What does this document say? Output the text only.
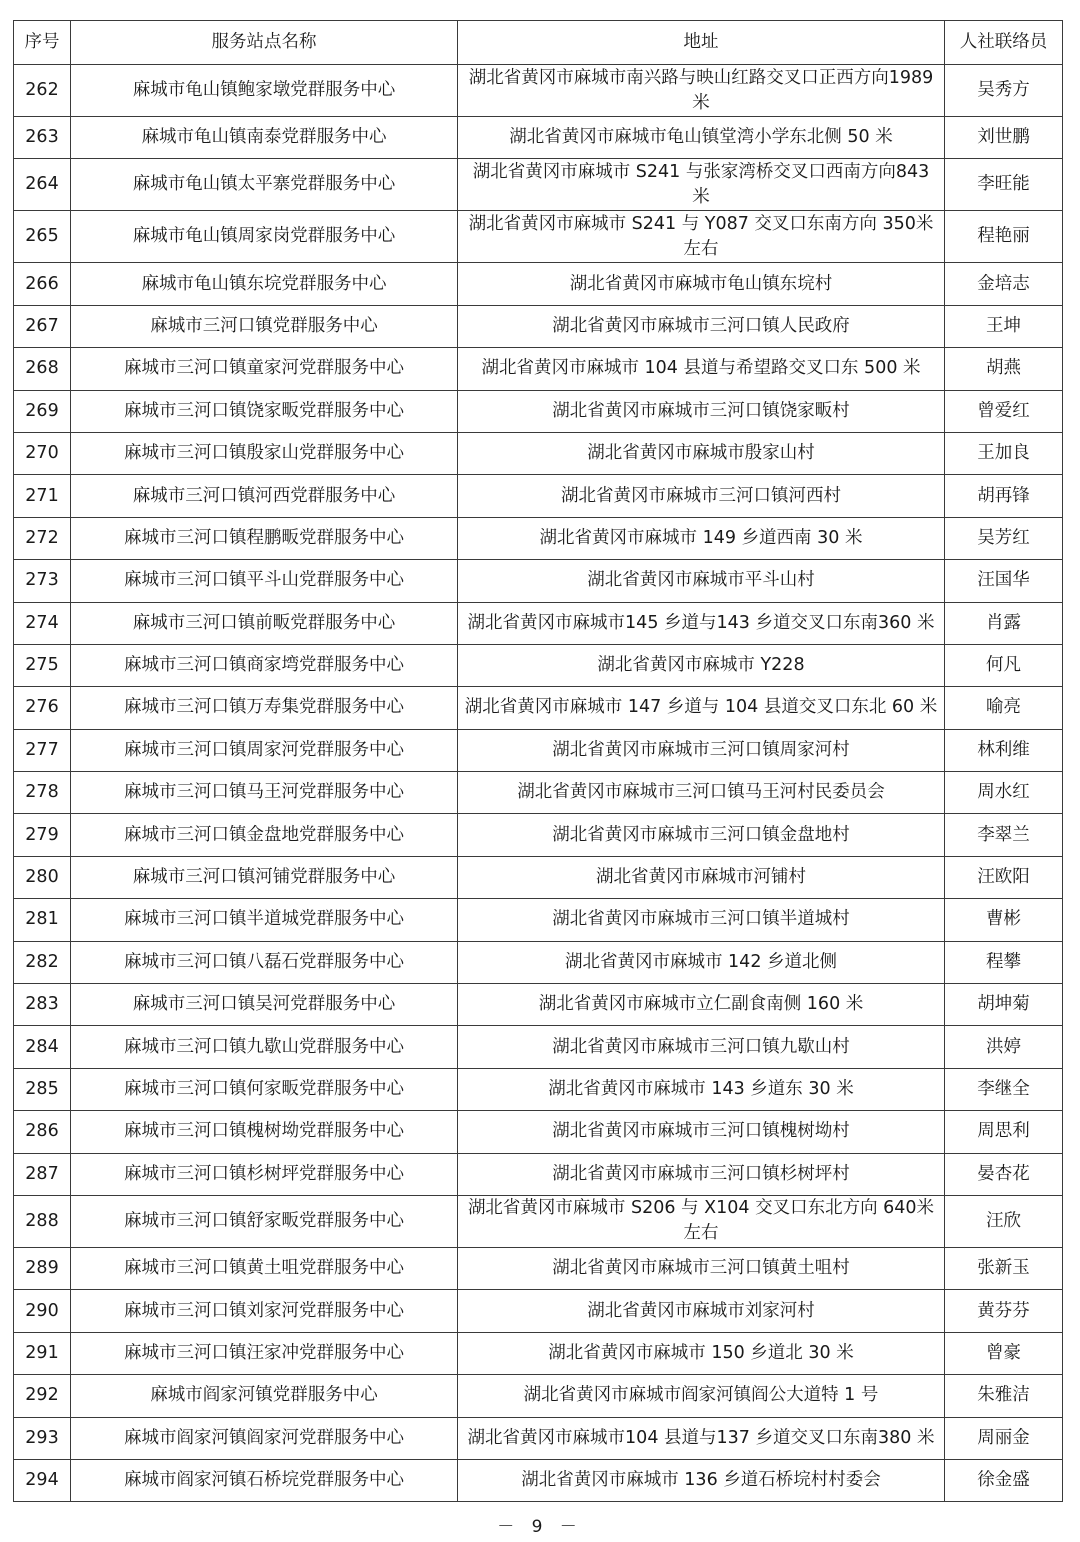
序号	服务站点名称	地址	人社联络员
262	麻城市龟山镇鲍家墩党群服务中心	湖北省黄冈市麻城市南兴路与映山红路交叉口正西方向1989 米	吴秀方
263	麻城市龟山镇南泰党群服务中心	湖北省黄冈市麻城市龟山镇堂湾小学东北侧 50 米	刘世鹏
264	麻城市龟山镇太平寨党群服务中心	湖北省黄冈市麻城市 S241 与张家湾桥交叉口西南方向843 米	李旺能
265	麻城市龟山镇周家岗党群服务中心	湖北省黄冈市麻城市 S241 与 Y087 交叉口东南方向 350米左右	程艳丽
266	麻城市龟山镇东垸党群服务中心	湖北省黄冈市麻城市龟山镇东垸村	金培志
267	麻城市三河口镇党群服务中心	湖北省黄冈市麻城市三河口镇人民政府	王坤
268	麻城市三河口镇童家河党群服务中心	湖北省黄冈市麻城市 104 县道与希望路交叉口东 500 米	胡燕
269	麻城市三河口镇饶家畈党群服务中心	湖北省黄冈市麻城市三河口镇饶家畈村	曾爱红
270	麻城市三河口镇殷家山党群服务中心	湖北省黄冈市麻城市殷家山村	王加良
271	麻城市三河口镇河西党群服务中心	湖北省黄冈市麻城市三河口镇河西村	胡再锋
272	麻城市三河口镇程鹏畈党群服务中心	湖北省黄冈市麻城市 149 乡道西南 30 米	吴芳红
273	麻城市三河口镇平斗山党群服务中心	湖北省黄冈市麻城市平斗山村	汪国华
274	麻城市三河口镇前畈党群服务中心	湖北省黄冈市麻城市145 乡道与143 乡道交叉口东南360 米	肖露
275	麻城市三河口镇商家塆党群服务中心	湖北省黄冈市麻城市 Y228	何凡
276	麻城市三河口镇万寿集党群服务中心	湖北省黄冈市麻城市 147 乡道与 104 县道交叉口东北 60 米	喻亮
277	麻城市三河口镇周家河党群服务中心	湖北省黄冈市麻城市三河口镇周家河村	林利维
278	麻城市三河口镇马王河党群服务中心	湖北省黄冈市麻城市三河口镇马王河村民委员会	周水红
279	麻城市三河口镇金盘地党群服务中心	湖北省黄冈市麻城市三河口镇金盘地村	李翠兰
280	麻城市三河口镇河铺党群服务中心	湖北省黄冈市麻城市河铺村	汪欧阳
281	麻城市三河口镇半道城党群服务中心	湖北省黄冈市麻城市三河口镇半道城村	曹彬
282	麻城市三河口镇八磊石党群服务中心	湖北省黄冈市麻城市 142 乡道北侧	程攀
283	麻城市三河口镇吴河党群服务中心	湖北省黄冈市麻城市立仁副食南侧 160 米	胡坤菊
284	麻城市三河口镇九歇山党群服务中心	湖北省黄冈市麻城市三河口镇九歇山村	洪婷
285	麻城市三河口镇何家畈党群服务中心	湖北省黄冈市麻城市 143 乡道东 30 米	李继全
286	麻城市三河口镇槐树坳党群服务中心	湖北省黄冈市麻城市三河口镇槐树坳村	周思利
287	麻城市三河口镇杉树坪党群服务中心	湖北省黄冈市麻城市三河口镇杉树坪村	晏杏花
288	麻城市三河口镇舒家畈党群服务中心	湖北省黄冈市麻城市 S206 与 X104 交叉口东北方向 640米左右	汪欣
289	麻城市三河口镇黄土咀党群服务中心	湖北省黄冈市麻城市三河口镇黄土咀村	张新玉
290	麻城市三河口镇刘家河党群服务中心	湖北省黄冈市麻城市刘家河村	黄芬芬
291	麻城市三河口镇汪家冲党群服务中心	湖北省黄冈市麻城市 150 乡道北 30 米	曾豪
292	麻城市阎家河镇党群服务中心	湖北省黄冈市麻城市阎家河镇阎公大道特 1 号	朱雅洁
293	麻城市阎家河镇阎家河党群服务中心	湖北省黄冈市麻城市104 县道与137 乡道交叉口东南380 米	周丽金
294	麻城市阎家河镇石桥垸党群服务中心	湖北省黄冈市麻城市 136 乡道石桥垸村村委会	徐金盛
－ 9 －
